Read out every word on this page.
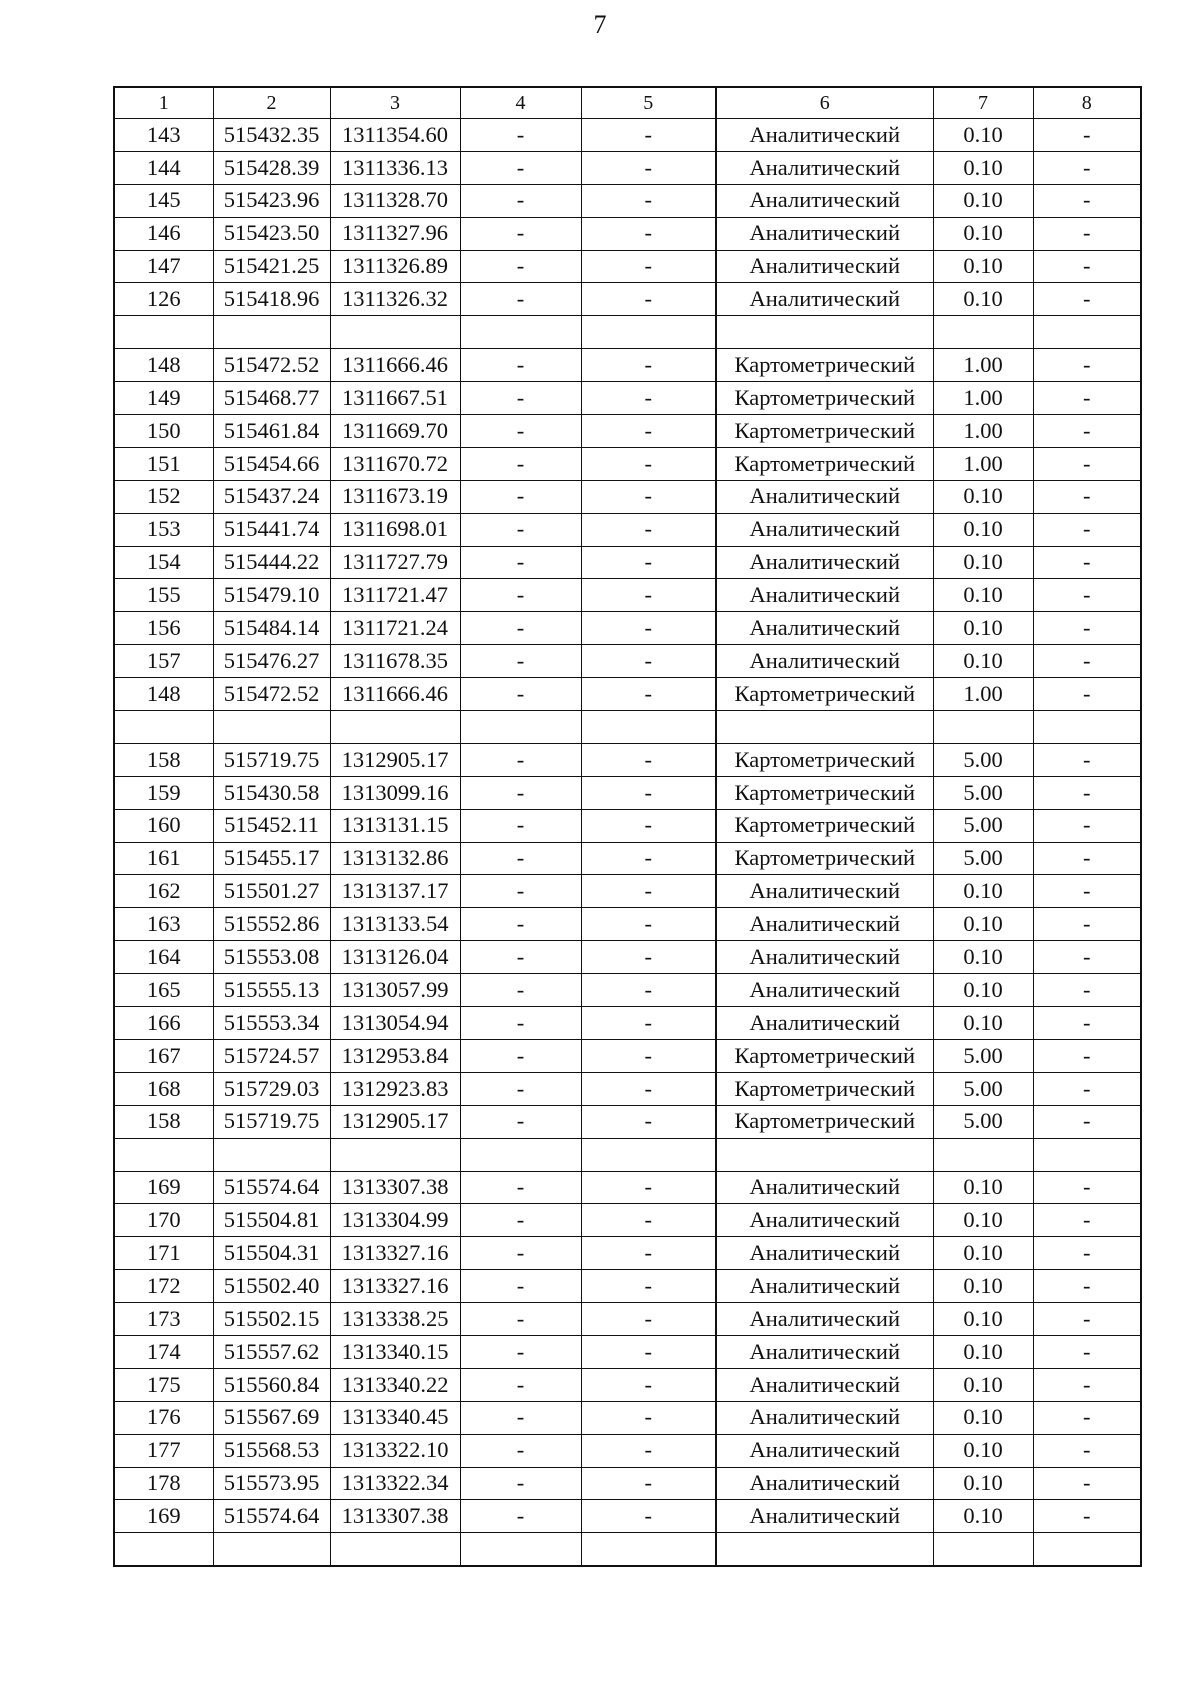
7
1	2	3	4	5	6	7	8
143	515432.35	1311354.60	-	-	Аналитический	0.10	-
144	515428.39	1311336.13	-	-	Аналитический	0.10	-
145	515423.96	1311328.70	-	-	Аналитический	0.10	-
146	515423.50	1311327.96	-	-	Аналитический	0.10	-
147	515421.25	1311326.89	-	-	Аналитический	0.10	-
126	515418.96	1311326.32	-	-	Аналитический	0.10	-

148	515472.52	1311666.46	-	-	Картометрический	1.00	-
149	515468.77	1311667.51	-	-	Картометрический	1.00	-
150	515461.84	1311669.70	-	-	Картометрический	1.00	-
151	515454.66	1311670.72	-	-	Картометрический	1.00	-
152	515437.24	1311673.19	-	-	Аналитический	0.10	-
153	515441.74	1311698.01	-	-	Аналитический	0.10	-
154	515444.22	1311727.79	-	-	Аналитический	0.10	-
155	515479.10	1311721.47	-	-	Аналитический	0.10	-
156	515484.14	1311721.24	-	-	Аналитический	0.10	-
157	515476.27	1311678.35	-	-	Аналитический	0.10	-
148	515472.52	1311666.46	-	-	Картометрический	1.00	-

158	515719.75	1312905.17	-	-	Картометрический	5.00	-
159	515430.58	1313099.16	-	-	Картометрический	5.00	-
160	515452.11	1313131.15	-	-	Картометрический	5.00	-
161	515455.17	1313132.86	-	-	Картометрический	5.00	-
162	515501.27	1313137.17	-	-	Аналитический	0.10	-
163	515552.86	1313133.54	-	-	Аналитический	0.10	-
164	515553.08	1313126.04	-	-	Аналитический	0.10	-
165	515555.13	1313057.99	-	-	Аналитический	0.10	-
166	515553.34	1313054.94	-	-	Аналитический	0.10	-
167	515724.57	1312953.84	-	-	Картометрический	5.00	-
168	515729.03	1312923.83	-	-	Картометрический	5.00	-
158	515719.75	1312905.17	-	-	Картометрический	5.00	-

169	515574.64	1313307.38	-	-	Аналитический	0.10	-
170	515504.81	1313304.99	-	-	Аналитический	0.10	-
171	515504.31	1313327.16	-	-	Аналитический	0.10	-
172	515502.40	1313327.16	-	-	Аналитический	0.10	-
173	515502.15	1313338.25	-	-	Аналитический	0.10	-
174	515557.62	1313340.15	-	-	Аналитический	0.10	-
175	515560.84	1313340.22	-	-	Аналитический	0.10	-
176	515567.69	1313340.45	-	-	Аналитический	0.10	-
177	515568.53	1313322.10	-	-	Аналитический	0.10	-
178	515573.95	1313322.34	-	-	Аналитический	0.10	-
169	515574.64	1313307.38	-	-	Аналитический	0.10	-
